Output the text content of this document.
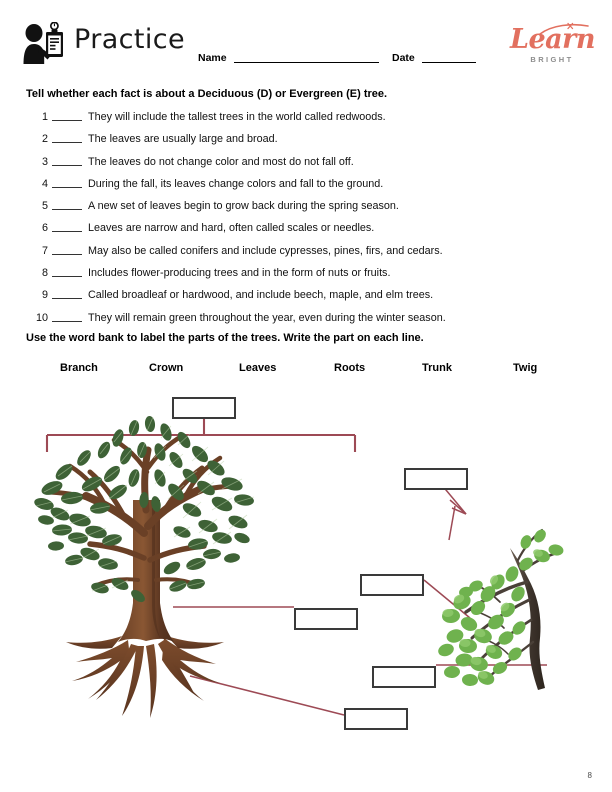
Practice
Name	Date
Learn
BRIGHT
Tell whether each fact is about a Deciduous (D) or Evergreen (E) tree.
1	They will include the tallest trees in the world called redwoods.
2	The leaves are usually large and broad.
3	The leaves do not change color and most do not fall off.
4	During the fall, its leaves change colors and fall to the ground.
5	A new set of leaves begin to grow back during the spring season.
6	Leaves are narrow and hard, often called scales or needles.
7	May also be called conifers and include cypresses, pines, firs, and cedars.
8	Includes flower-producing trees and in the form of nuts or fruits.
9	Called broadleaf or hardwood, and include beech, maple, and elm trees.
10	They will remain green throughout the year, even during the winter season.
Use the word bank to label the parts of the trees. Write the part on each line.
Branch	Crown	Leaves	Roots	Trunk	Twig
8
